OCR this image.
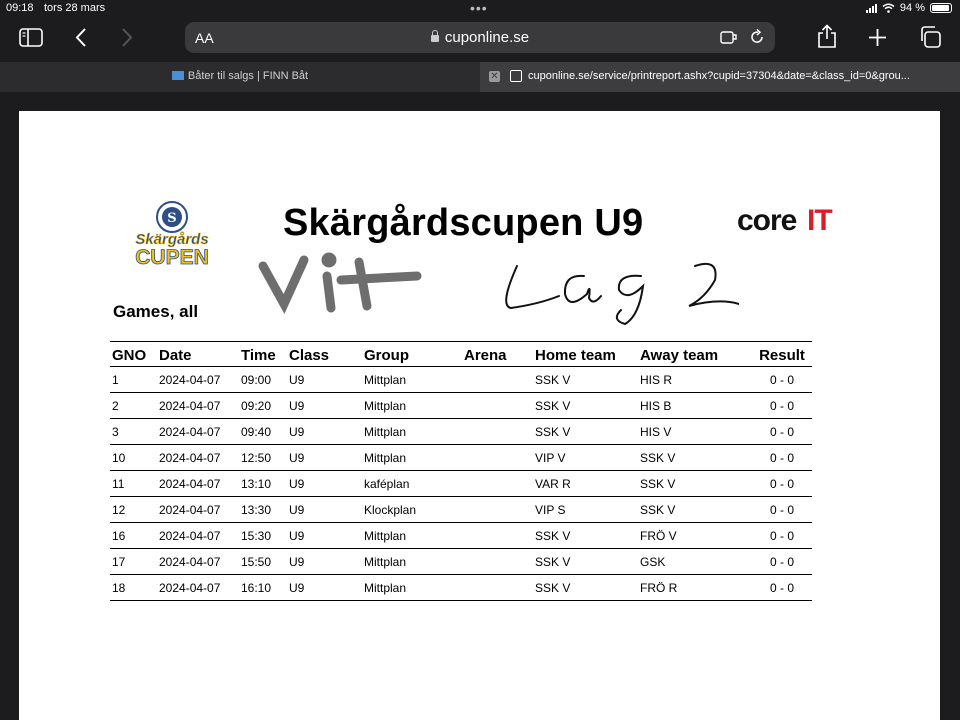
09:18 tors 28 mars	•••	94 %
AA	cuponline.se
Båter til salgs | FINN Båt	✕	cuponline.se/service/printreport.ashx?cupid=37304&date=&class_id=0&grou...
S
Skärgårds
CUPEN
Skärgårdscupen U9	core IT
Games, all
GNO	Date	Time	Class	Group	Arena	Home team	Away team	Result
1	2024-04-07	09:00	U9	Mittplan		SSK V	HIS R	0 - 0
2	2024-04-07	09:20	U9	Mittplan		SSK V	HIS B	0 - 0
3	2024-04-07	09:40	U9	Mittplan		SSK V	HIS V	0 - 0
10	2024-04-07	12:50	U9	Mittplan		VIP V	SSK V	0 - 0
11	2024-04-07	13:10	U9	kaféplan		VAR R	SSK V	0 - 0
12	2024-04-07	13:30	U9	Klockplan		VIP S	SSK V	0 - 0
16	2024-04-07	15:30	U9	Mittplan		SSK V	FRÖ V	0 - 0
17	2024-04-07	15:50	U9	Mittplan		SSK V	GSK	0 - 0
18	2024-04-07	16:10	U9	Mittplan		SSK V	FRÖ R	0 - 0
